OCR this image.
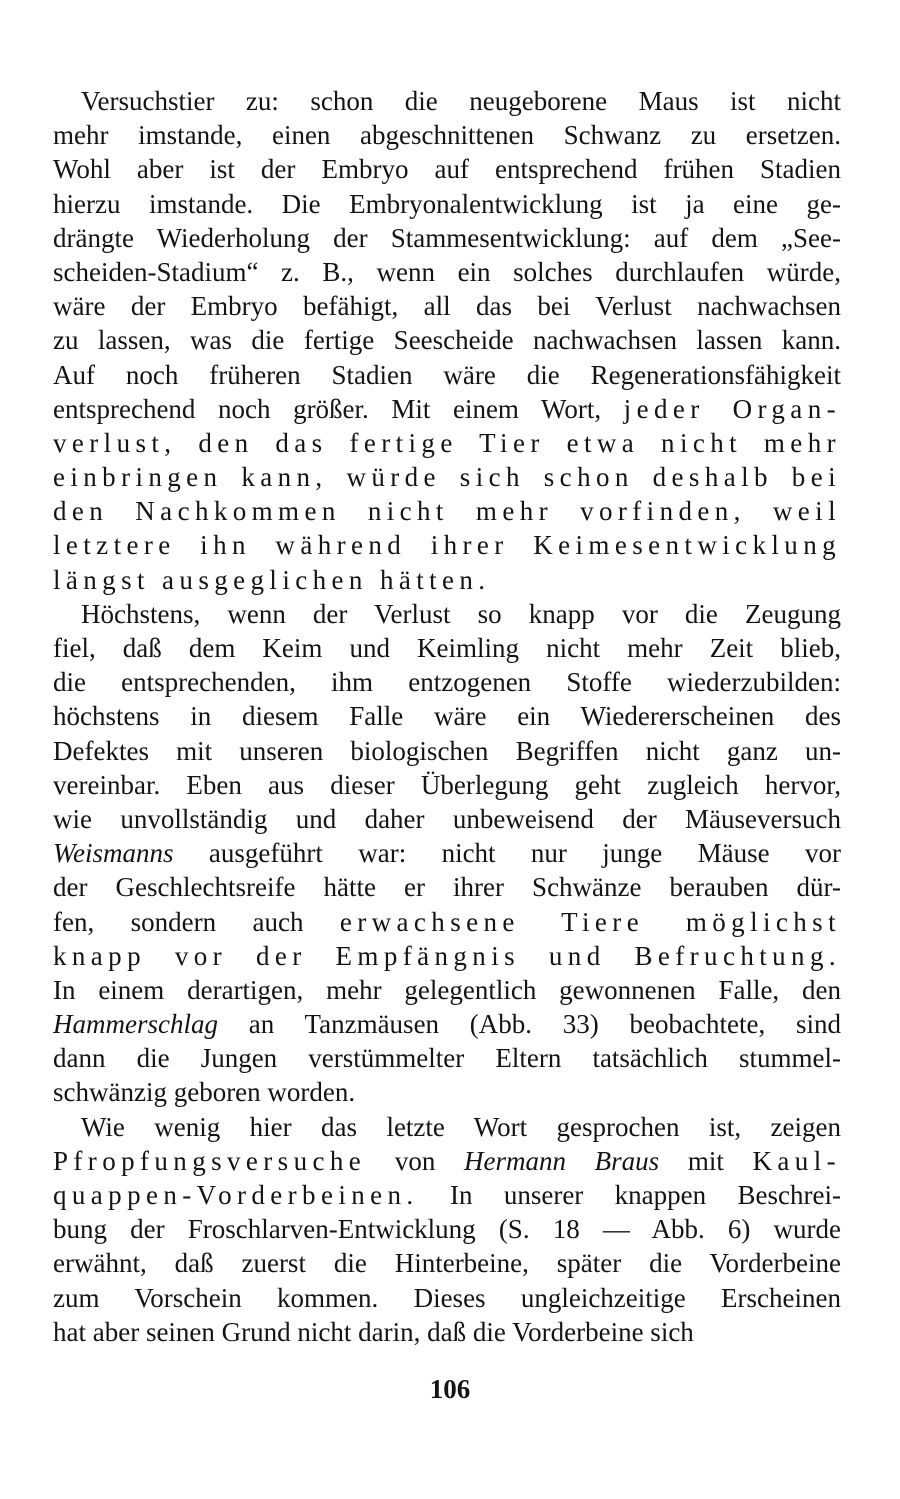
Versuchstier zu: schon die neugeborene Maus ist nicht
mehr imstande, einen abgeschnittenen Schwanz zu ersetzen.
Wohl aber ist der Embryo auf entsprechend frühen Stadien
hierzu imstande. Die Embryonalentwicklung ist ja eine ge-
drängte Wiederholung der Stammesentwicklung: auf dem „See-
scheiden-Stadium“ z. B., wenn ein solches durchlaufen würde,
wäre der Embryo befähigt, all das bei Verlust nachwachsen
zu lassen, was die fertige Seescheide nachwachsen lassen kann.
Auf noch früheren Stadien wäre die Regenerationsfähigkeit
entsprechend noch größer. Mit einem Wort, jeder Organ-
verlust, den das fertige Tier etwa nicht mehr
einbringen kann, würde sich schon deshalb bei
den Nachkommen nicht mehr vorfinden, weil
letztere ihn während ihrer Keimesentwicklung
längst ausgeglichen hätten.
Höchstens, wenn der Verlust so knapp vor die Zeugung
fiel, daß dem Keim und Keimling nicht mehr Zeit blieb,
die entsprechenden, ihm entzogenen Stoffe wiederzubilden:
höchstens in diesem Falle wäre ein Wiedererscheinen des
Defektes mit unseren biologischen Begriffen nicht ganz un-
vereinbar. Eben aus dieser Überlegung geht zugleich hervor,
wie unvollständig und daher unbeweisend der Mäuseversuch
Weismanns ausgeführt war: nicht nur junge Mäuse vor
der Geschlechtsreife hätte er ihrer Schwänze berauben dür-
fen, sondern auch erwachsene Tiere möglichst
knapp vor der Empfängnis und Befruchtung.
In einem derartigen, mehr gelegentlich gewonnenen Falle, den
Hammerschlag an Tanzmäusen (Abb. 33) beobachtete, sind
dann die Jungen verstümmelter Eltern tatsächlich stummel-
schwänzig geboren worden.
Wie wenig hier das letzte Wort gesprochen ist, zeigen
Pfropfungsversuche von Hermann Braus mit Kaul-
quappen-Vorderbeinen. In unserer knappen Beschrei-
bung der Froschlarven-Entwicklung (S. 18 — Abb. 6) wurde
erwähnt, daß zuerst die Hinterbeine, später die Vorderbeine
zum Vorschein kommen. Dieses ungleichzeitige Erscheinen
hat aber seinen Grund nicht darin, daß die Vorderbeine sich
106
